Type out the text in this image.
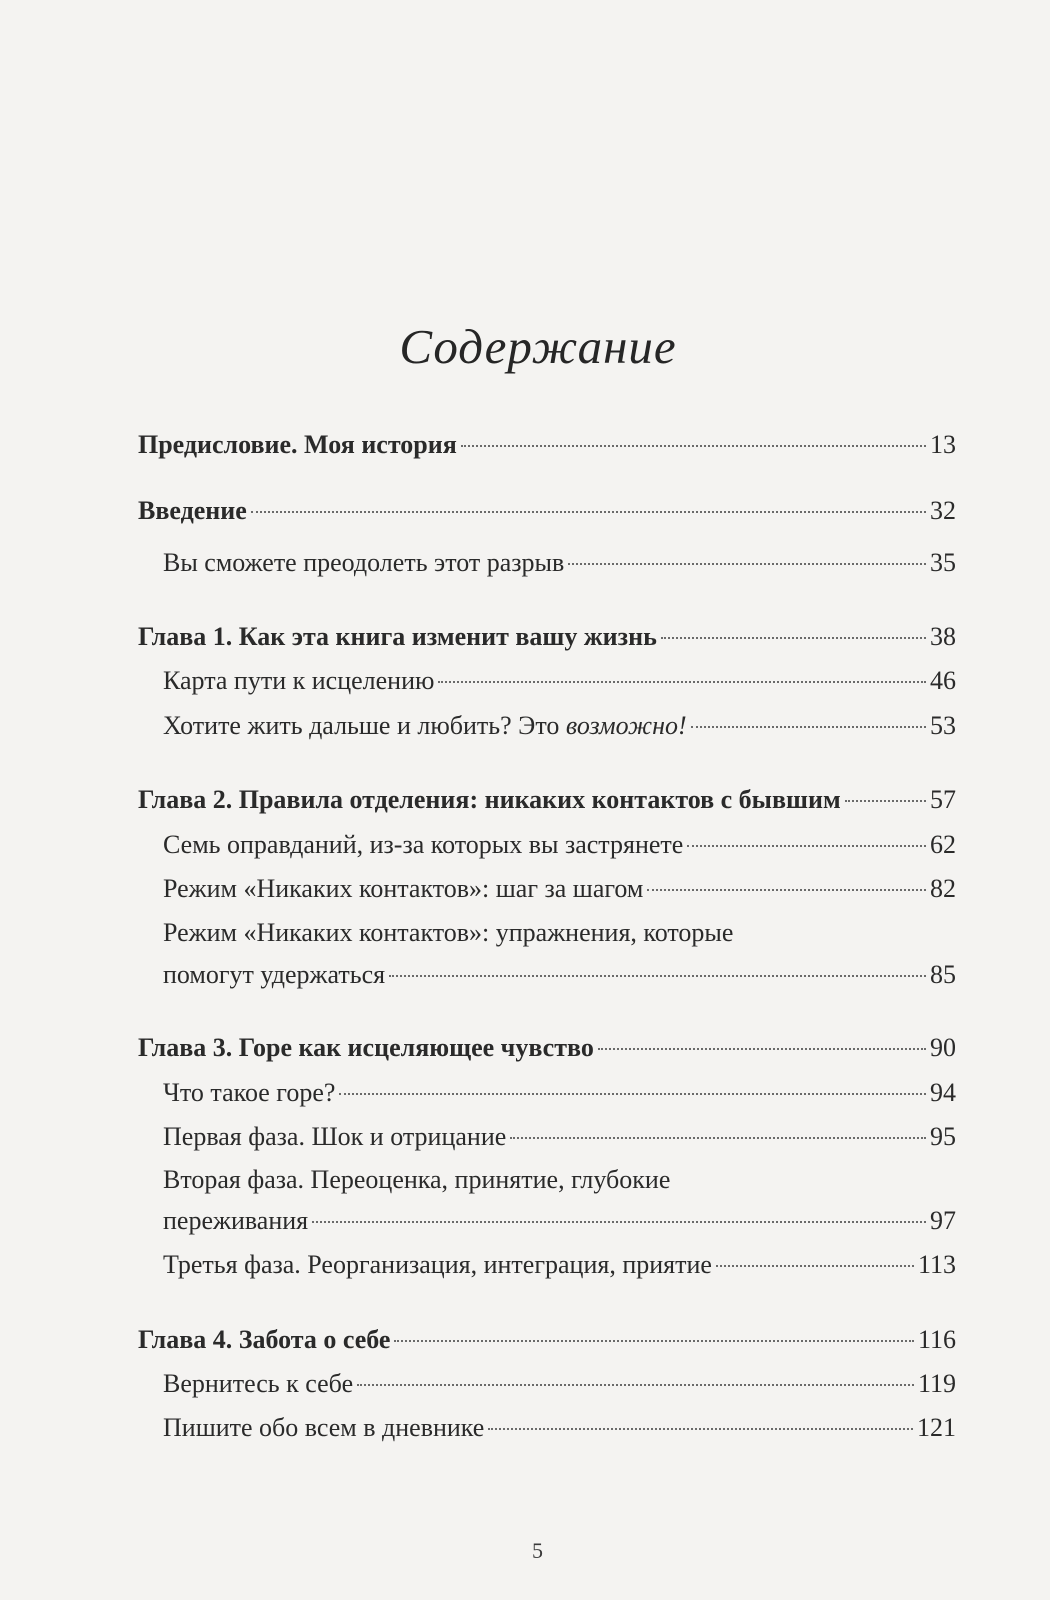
Содержание
Предисловие. Моя история	13
Введение	32
Вы сможете преодолеть этот разрыв	35
Глава 1. Как эта книга изменит вашу жизнь	38
Карта пути к исцелению	46
Хотите жить дальше и любить? Это возможно!	53
Глава 2. Правила отделения: никаких контактов с бывшим	57
Семь оправданий, из-за которых вы застрянете	62
Режим «Никаких контактов»: шаг за шагом	82
Режим «Никаких контактов»: упражнения, которые
помогут удержаться	85
Глава 3. Горе как исцеляющее чувство	90
Что такое горе?	94
Первая фаза. Шок и отрицание	95
Вторая фаза. Переоценка, принятие, глубокие
переживания	97
Третья фаза. Реорганизация, интеграция, приятие	113
Глава 4. Забота о себе	116
Вернитесь к себе	119
Пишите обо всем в дневнике	121
5
